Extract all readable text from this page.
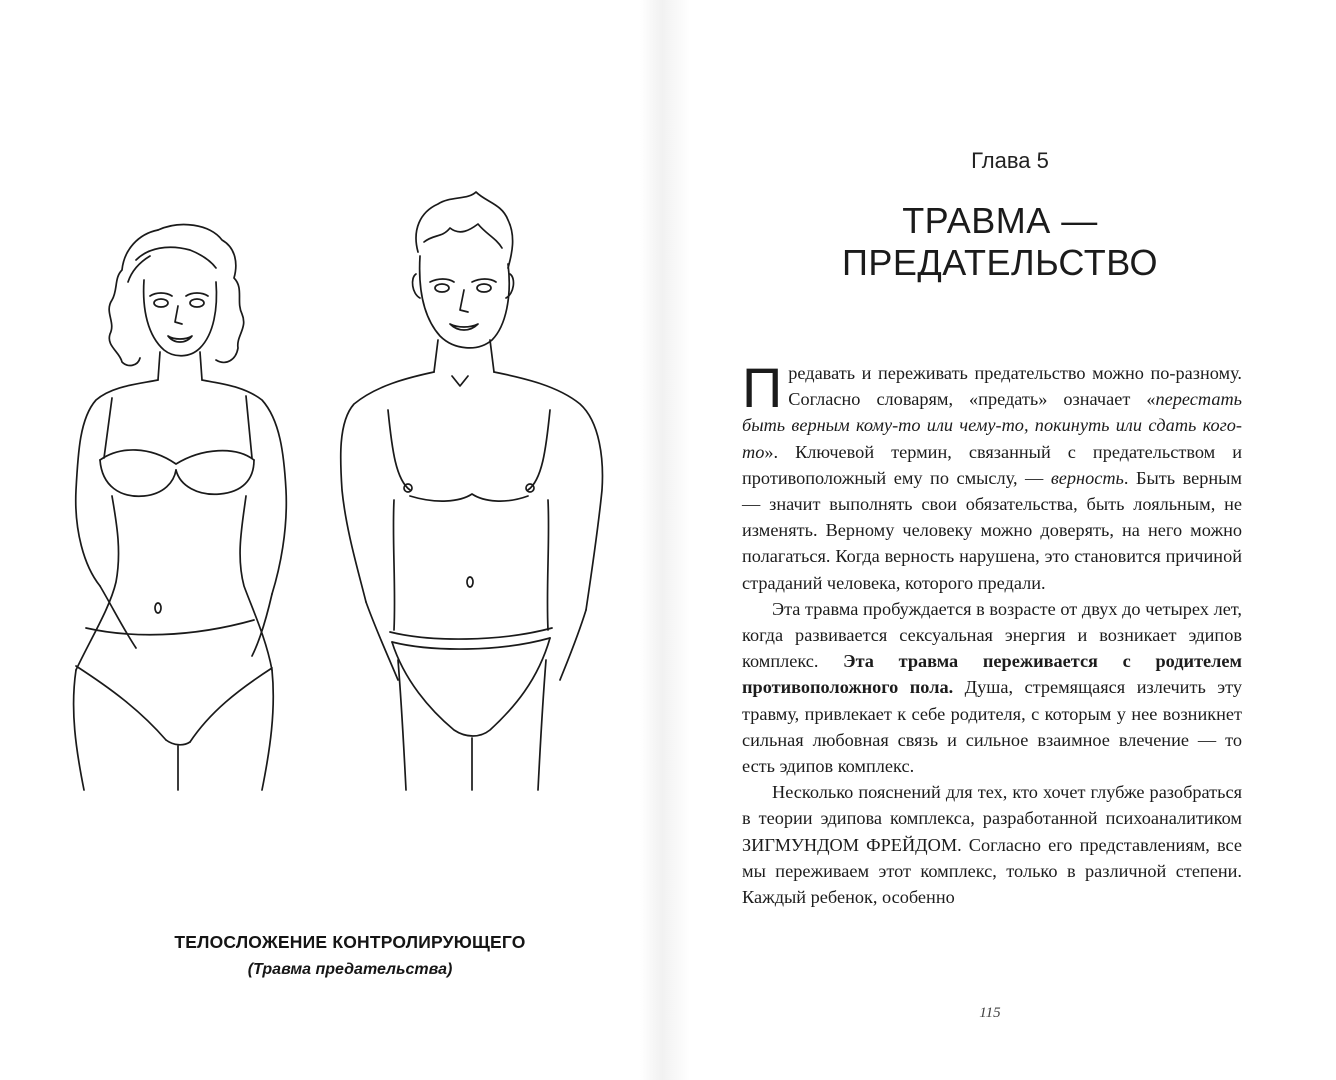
ТЕЛОСЛОЖЕНИЕ КОНТРОЛИРУЮЩЕГО
(Травма предательства)
Глава 5
ТРАВМА — ПРЕДАТЕЛЬСТВО

Предавать и переживать предательство можно по-разному. Согласно словарям, «предать» означает «перестать быть верным кому-то или чему-то, покинуть или сдать кого-то». Ключевой термин, связанный с предательством и противоположный ему по смыслу, — верность. Быть верным — значит выполнять свои обязательства, быть лояльным, не изменять. Верному человеку можно доверять, на него можно полагаться. Когда верность нарушена, это становится причиной страданий человека, которого предали.

Эта травма пробуждается в возрасте от двух до четырех лет, когда развивается сексуальная энергия и возникает эдипов комплекс. Эта травма переживается с родителем противоположного пола. Душа, стремящаяся излечить эту травму, привлекает к себе родителя, с которым у нее возникнет сильная любовная связь и сильное взаимное влечение — то есть эдипов комплекс.

Несколько пояснений для тех, кто хочет глубже разобраться в теории эдипова комплекса, разработанной психоаналитиком ЗИГМУНДОМ ФРЕЙДОМ. Согласно его представлениям, все мы переживаем этот комплекс, только в различной степени. Каждый ребенок, особенно

115
